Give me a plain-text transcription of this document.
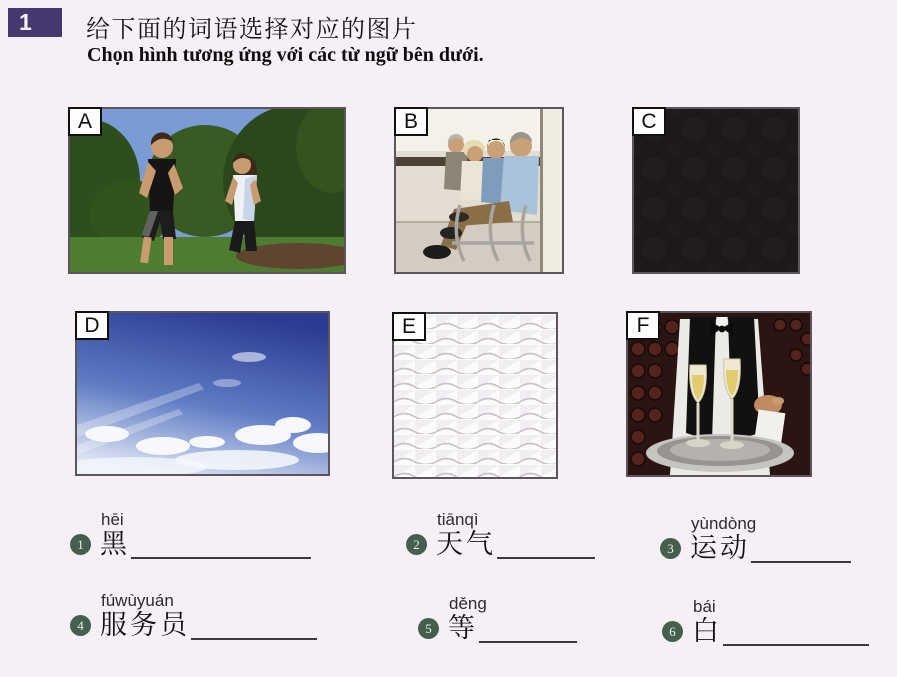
1	给下面的词语选择对应的图片
Chọn hình tương ứng với các từ ngữ bên dưới.
A	B	C
D	E	F
hēi
1 黑
tiānqì
2 天气
yùndòng
3 运动
fúwùyuán
4 服务员
děng
5 等
bái
6 白
